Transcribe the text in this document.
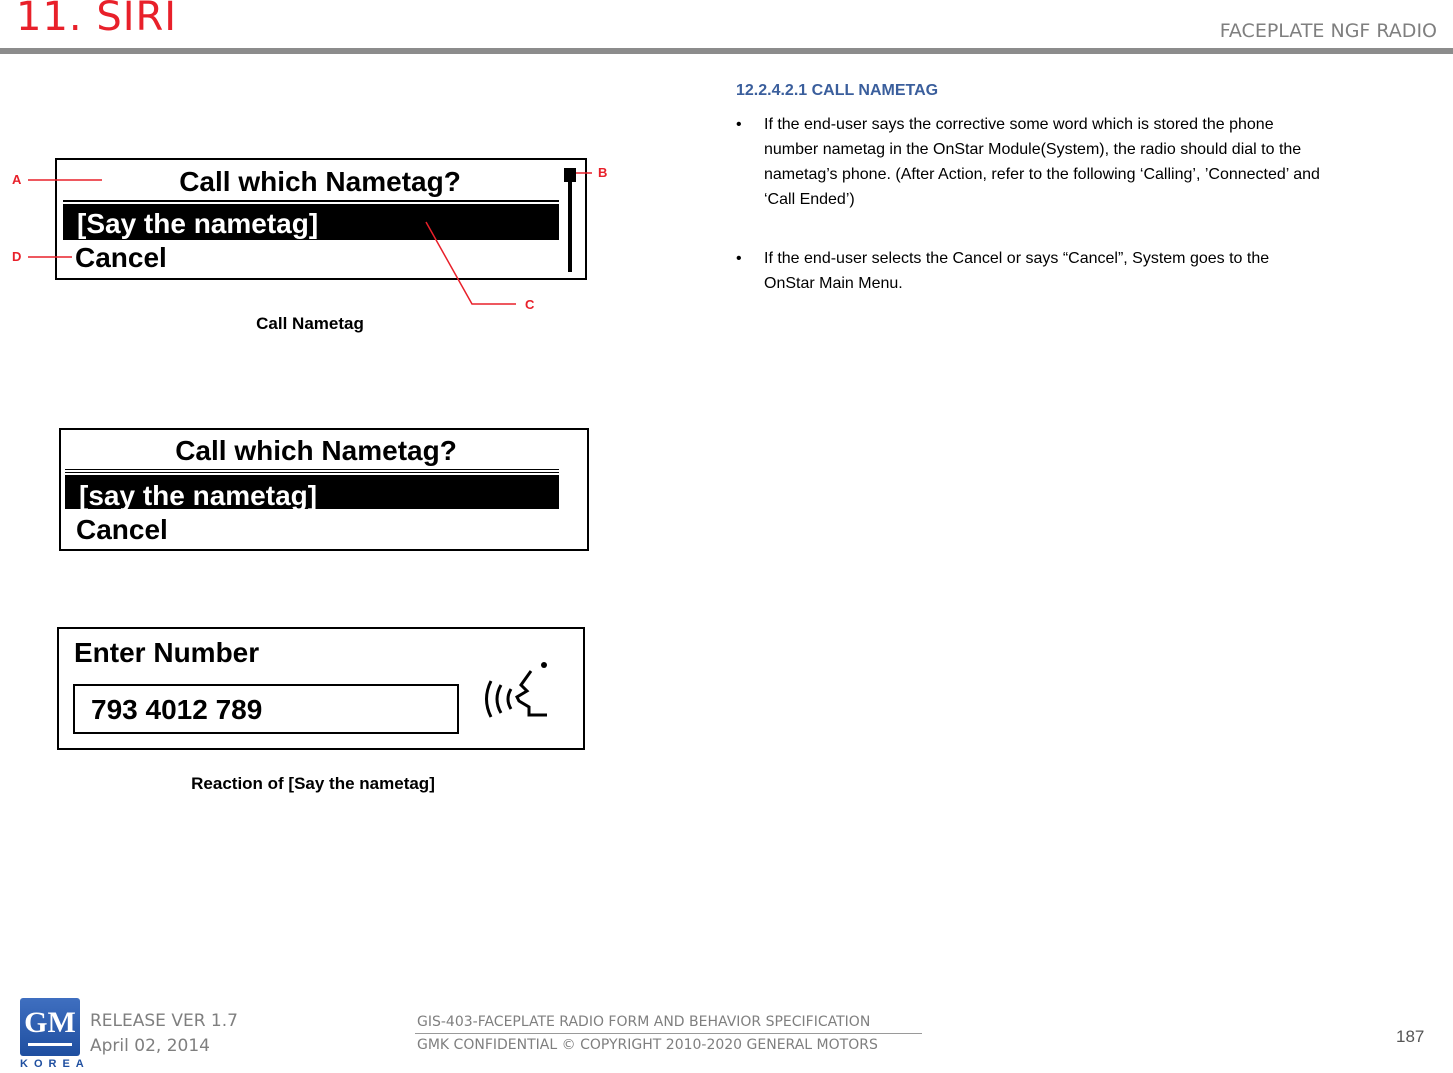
11. SIRI	FACEPLATE NGF RADIO
Call which Nametag?
[Say the nametag]
Cancel
A
D
B
C
Call Nametag
Call which Nametag?
[say the nametag]
Cancel
Enter Number
793 4012 789
Reaction of [Say the nametag]
12.2.4.2.1 CALL NAMETAG
• If the end-user says the corrective some word which is stored the phone number nametag in the OnStar Module(System), the radio should dial to the nametag’s phone. (After Action, refer to the following ‘Calling’, ’Connected’ and ‘Call Ended’)
• If the end-user selects the Cancel or says “Cancel”, System goes to the OnStar Main Menu.
GM
KOREA
RELEASE VER 1.7
April 02, 2014
GIS-403-FACEPLATE RADIO FORM AND BEHAVIOR SPECIFICATION
GMK CONFIDENTIAL © COPYRIGHT 2010-2020 GENERAL MOTORS	187
